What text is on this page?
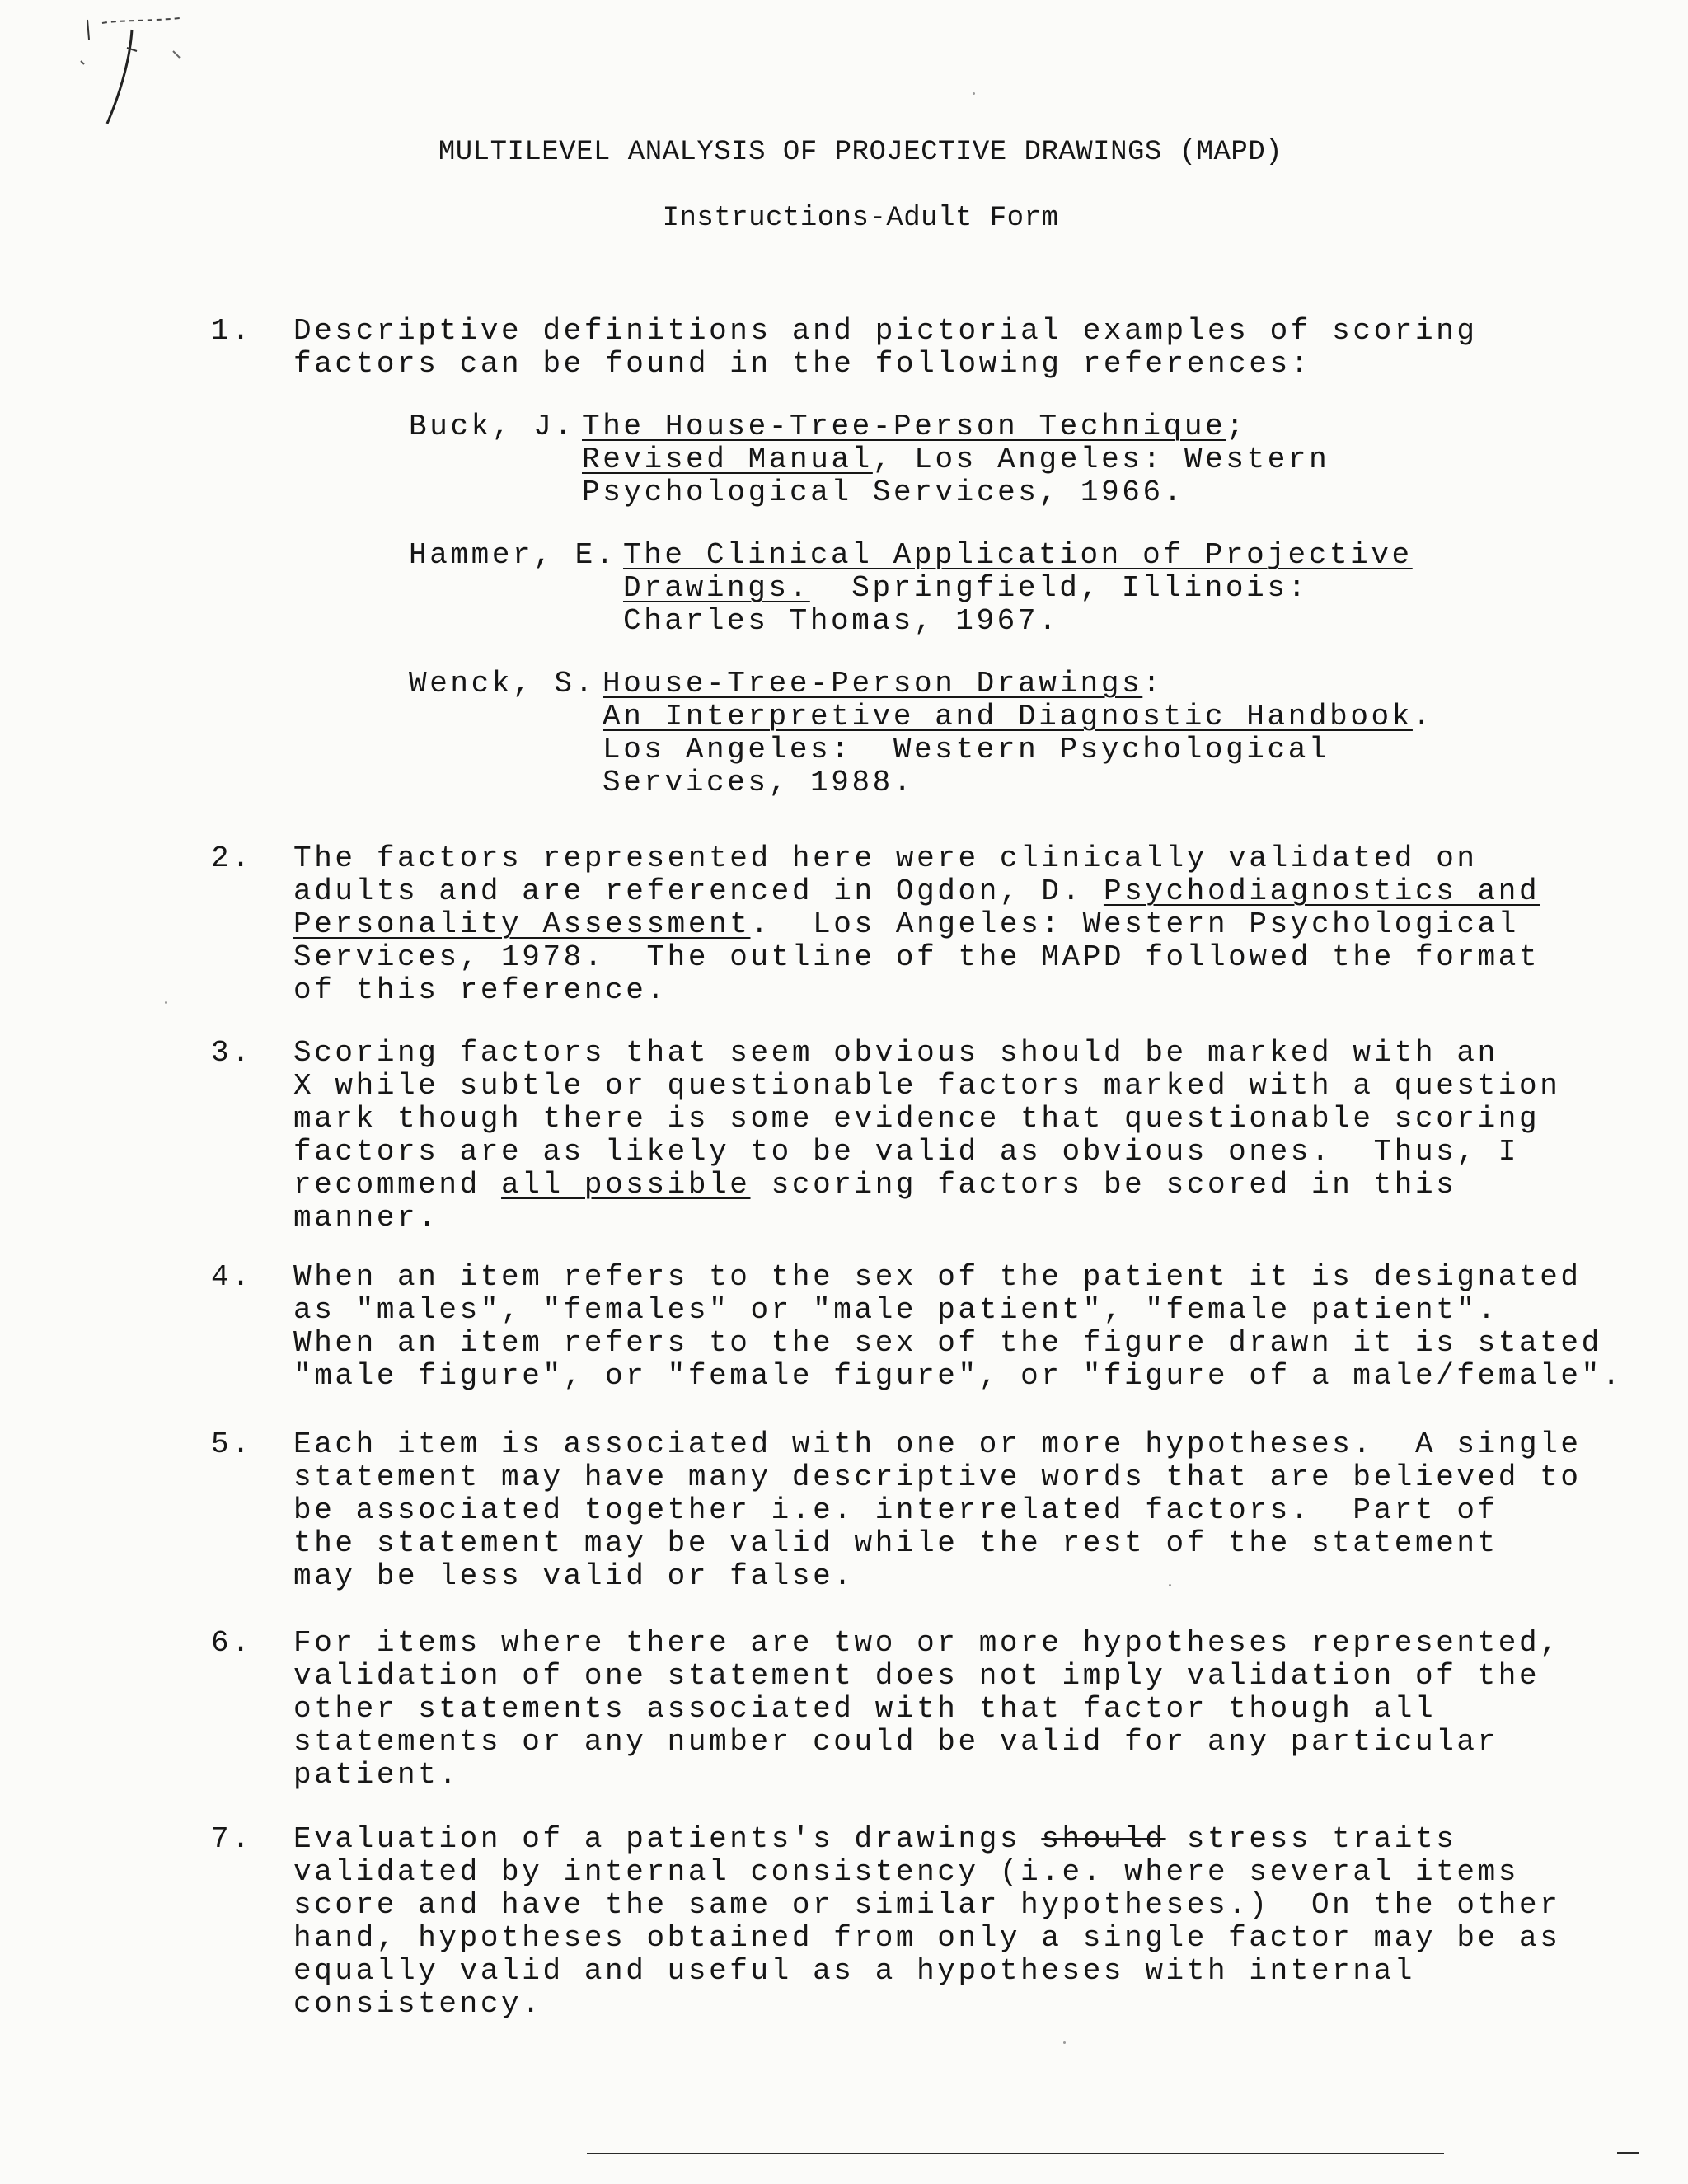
MULTILEVEL ANALYSIS OF PROJECTIVE DRAWINGS (MAPD)
Instructions-Adult Form
1. Descriptive definitions and pictorial examples of scoring
factors can be found in the following references:
Buck, J. The House-Tree-Person Technique;
Revised Manual, Los Angeles: Western
Psychological Services, 1966.
Hammer, E. The Clinical Application of Projective
Drawings.  Springfield, Illinois:
Charles Thomas, 1967.
Wenck, S. House-Tree-Person Drawings:
An Interpretive and Diagnostic Handbook.
Los Angeles:  Western Psychological
Services, 1988.
2. The factors represented here were clinically validated on
adults and are referenced in Ogdon, D. Psychodiagnostics and
Personality Assessment.  Los Angeles: Western Psychological
Services, 1978.  The outline of the MAPD followed the format
of this reference.
3. Scoring factors that seem obvious should be marked with an
X while subtle or questionable factors marked with a question
mark though there is some evidence that questionable scoring
factors are as likely to be valid as obvious ones.  Thus, I
recommend all possible scoring factors be scored in this
manner.
4. When an item refers to the sex of the patient it is designated
as "males", "females" or "male patient", "female patient".
When an item refers to the sex of the figure drawn it is stated
"male figure", or "female figure", or "figure of a male/female".
5. Each item is associated with one or more hypotheses.  A single
statement may have many descriptive words that are believed to
be associated together i.e. interrelated factors.  Part of
the statement may be valid while the rest of the statement
may be less valid or false.
6. For items where there are two or more hypotheses represented,
validation of one statement does not imply validation of the
other statements associated with that factor though all
statements or any number could be valid for any particular
patient.
7. Evaluation of a patients's drawings should stress traits
validated by internal consistency (i.e. where several items
score and have the same or similar hypotheses.)  On the other
hand, hypotheses obtained from only a single factor may be as
equally valid and useful as a hypotheses with internal
consistency.
